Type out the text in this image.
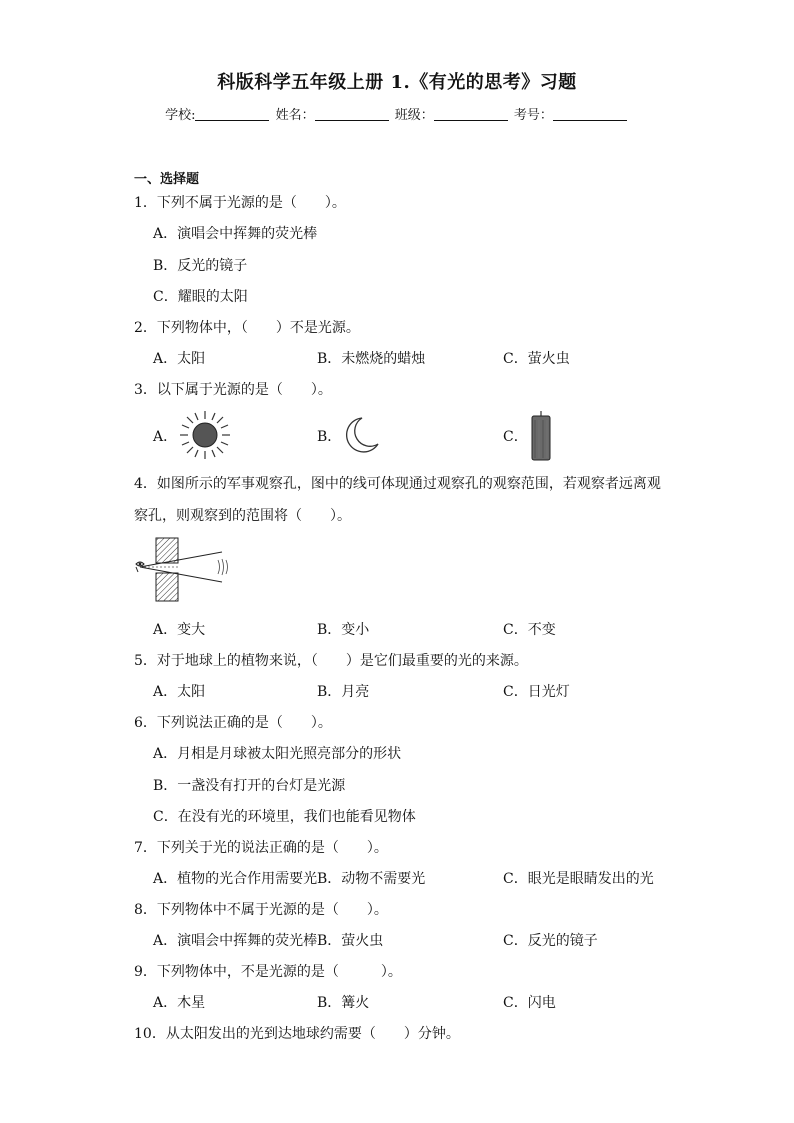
科版科学五年级上册 1.《有光的思考》习题
学校:	姓名：	班级：	考号：
一、选择题
1．下列不属于光源的是（　　）。
A．演唱会中挥舞的荧光棒
B．反光的镜子
C．耀眼的太阳
2．下列物体中，（　　）不是光源。
A．太阳	B．未燃烧的蜡烛	C．萤火虫
3．以下属于光源的是（　　）。
A．	B．	C．
4．如图所示的军事观察孔，图中的线可体现通过观察孔的观察范围，若观察者远离观
察孔，则观察到的范围将（　　）。
A．变大	B．变小	C．不变
5．对于地球上的植物来说，（　　）是它们最重要的光的来源。
A．太阳	B．月亮	C．日光灯
6．下列说法正确的是（　　）。
A．月相是月球被太阳光照亮部分的形状
B．一盏没有打开的台灯是光源
C．在没有光的环境里，我们也能看见物体
7．下列关于光的说法正确的是（　　）。
A．植物的光合作用需要光 B．动物不需要光	C．眼光是眼睛发出的光
8．下列物体中不属于光源的是（　　）。
A．演唱会中挥舞的荧光棒 B．萤火虫	C．反光的镜子
9．下列物体中，不是光源的是（　　　）。
A．木星	B．篝火	C．闪电
10．从太阳发出的光到达地球约需要（　　）分钟。
